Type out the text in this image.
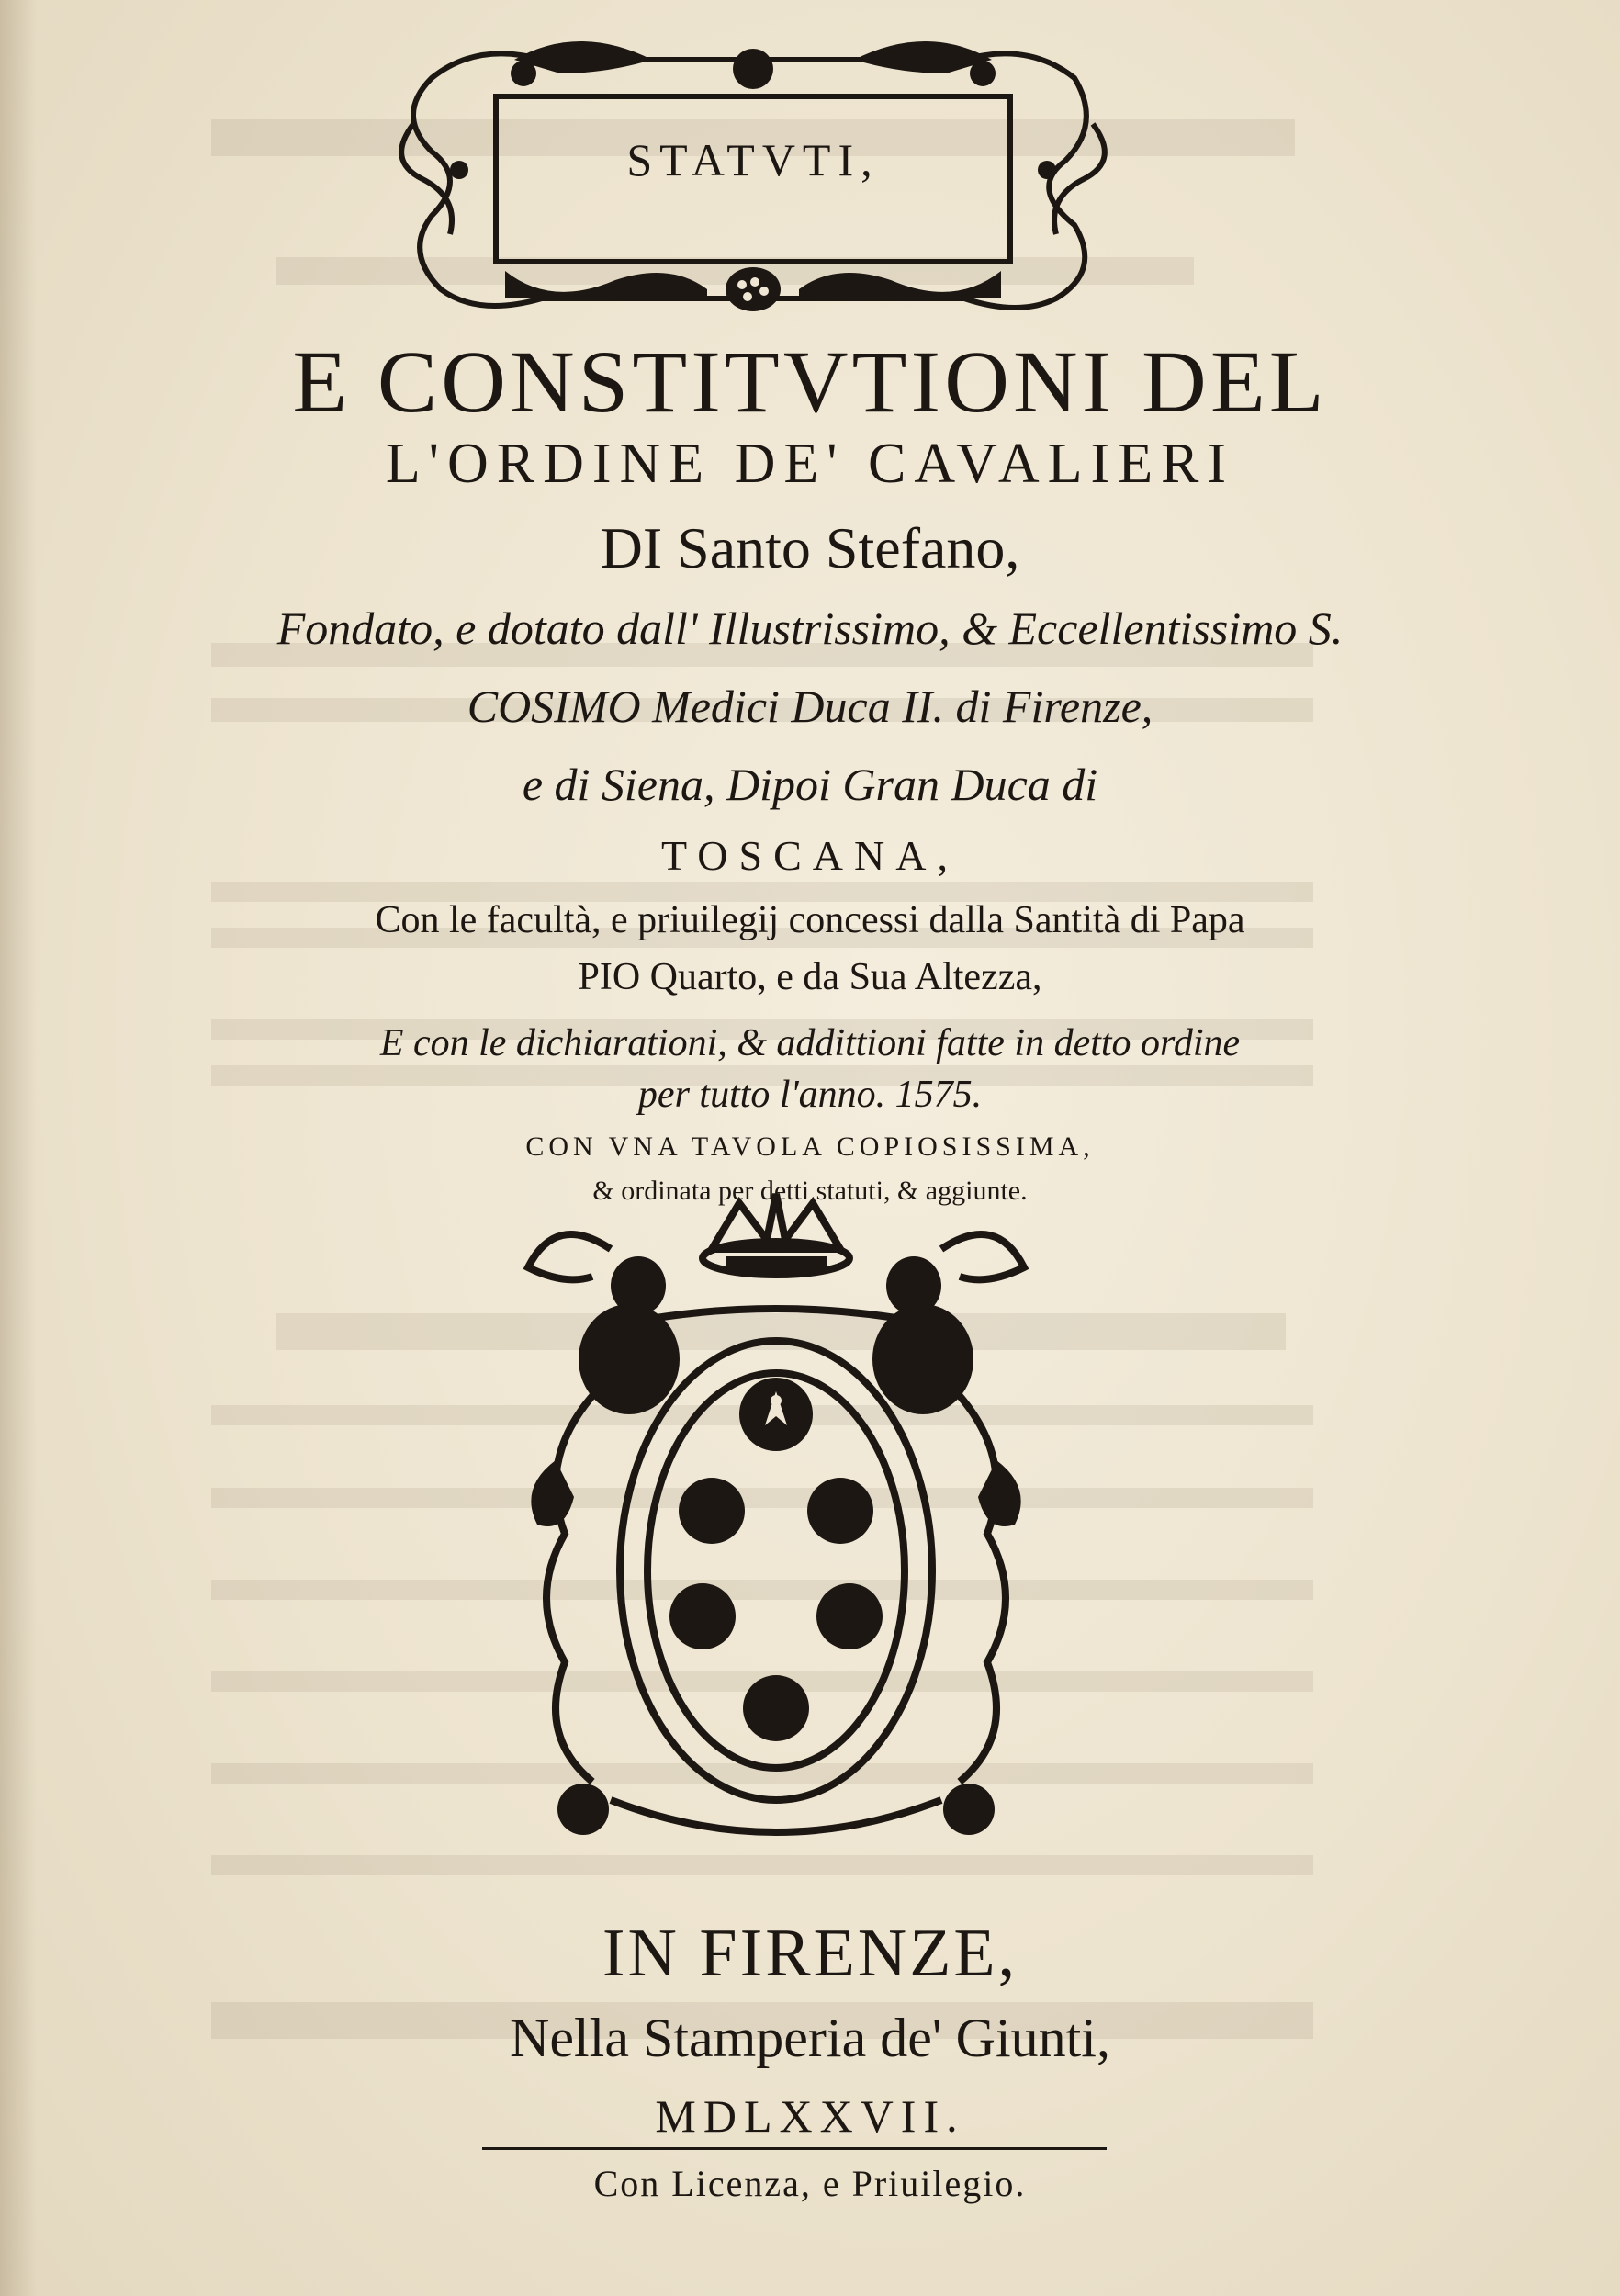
STATVTI,
E CONSTITVTIONI DEL
L'ORDINE DE' CAVALIERI
DI Santo Stefano,
Fondato, e dotato dall' Illustrissimo, & Eccellentissimo S.
COSIMO Medici Duca II. di Firenze,
e di Siena, Dipoi Gran Duca di
TOSCANA,
Con le facultà, e priuilegij concessi dalla Santità di Papa
PIO Quarto, e da Sua Altezza,
E con le dichiarationi, & addittioni fatte in detto ordine
per tutto l'anno. 1575.
CON VNA TAVOLA COPIOSISSIMA,
& ordinata per detti statuti, & aggiunte.
IN FIRENZE,
Nella Stamperia de' Giunti,
MDLXXVII.
Con Licenza, e Priuilegio.
